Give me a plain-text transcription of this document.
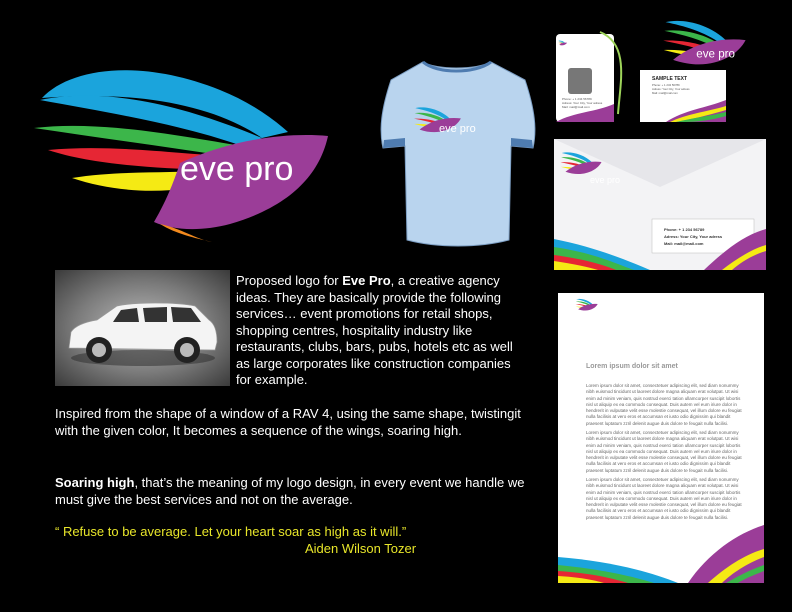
eve pro
eve pro
eve pro
Phone: + 1 234 56789
Adress: Your City, Your adress
Mail: mail@mail.com
eve pro
SAMPLE TEXT
Phone: + 1 234 56789
Adress: Your City, Your adress
Mail: mail@mail.com
eve pro
Phone: + 1 234 56789
Adress: Your City, Your adress
Mail: mail@mail.com
Proposed logo for Eve Pro, a creative agency ideas. They are basically provide the following services… event promotions for retail shops, shopping centres, hospitality industry like restaurants, clubs, bars, pubs, hotels etc as well as large corporates like construction companies for example.
Inspired from the shape of a window of a RAV 4, using the same shape, twistingit with the given color, It becomes a sequence of the wings, soaring high.
Soaring high, that’s the meaning of my logo design, in every event we handle we must give the best services and not on the average.
“ Refuse to be average. Let your heart soar as high as it will.”
Aiden Wilson Tozer
eve pro
Lorem ipsum dolor sit amet
Lorem ipsum dolor sit amet, consectetuer adipiscing elit, sed diam nonummy nibh euismod tincidunt ut laoreet dolore magna aliquam erat volutpat. Ut wisi enim ad minim veniam, quis nostrud exerci tation ullamcorper suscipit lobortis nisl ut aliquip ex ea commodo consequat. Duis autem vel eum iriure dolor in hendrerit in vulputate velit esse molestie consequat, vel illum dolore eu feugiat nulla facilisis at vero eros et accumsan et iusto odio dignissim qui blandit praesent luptatum zzril delenit augue duis dolore te feugait nulla facilisi.
Lorem ipsum dolor sit amet, consectetuer adipiscing elit, sed diam nonummy nibh euismod tincidunt ut laoreet dolore magna aliquam erat volutpat. Ut wisi enim ad minim veniam, quis nostrud exerci tation ullamcorper suscipit lobortis nisl ut aliquip ex ea commodo consequat. Duis autem vel eum iriure dolor in hendrerit in vulputate velit esse molestie consequat, vel illum dolore eu feugiat nulla facilisis at vero eros et accumsan et iusto odio dignissim qui blandit praesent luptatum zzril delenit augue duis dolore te feugait nulla facilisi.
Lorem ipsum dolor sit amet, consectetuer adipiscing elit, sed diam nonummy nibh euismod tincidunt ut laoreet dolore magna aliquam erat volutpat. Ut wisi enim ad minim veniam, quis nostrud exerci tation ullamcorper suscipit lobortis nisl ut aliquip ex ea commodo consequat. Duis autem vel eum iriure dolor in hendrerit in vulputate velit esse molestie consequat, vel illum dolore eu feugiat nulla facilisis at vero eros et accumsan et iusto odio dignissim qui blandit praesent luptatum zzril delenit augue duis dolore te feugait nulla facilisi.
